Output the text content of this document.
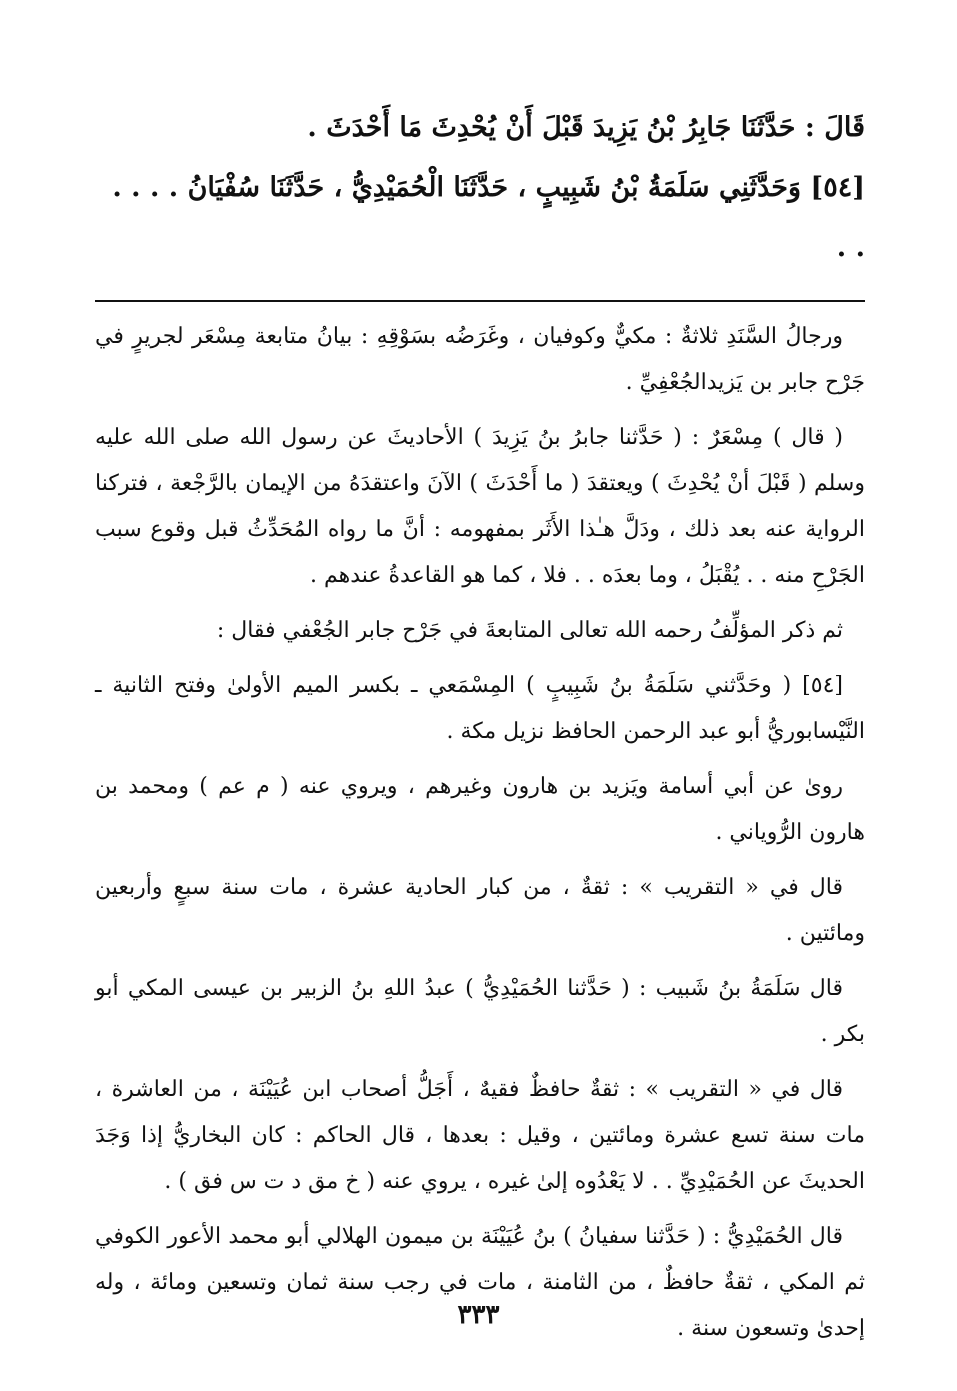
قَالَ : حَدَّثَنَا جَابِرُ بْنُ يَزِيدَ قَبْلَ أَنْ يُحْدِثَ مَا أَحْدَثَ .

[٥٤] وَحَدَّثَنِي سَلَمَةُ بْنُ شَبِيبٍ ، حَدَّثَنَا الْحُمَيْدِيُّ ، حَدَّثَنَا سُفْيَانُ . . . . . .

ورجالُ السَّنَدِ ثلاثةٌ : مكيٌّ وكوفيان ، وغَرَضُه بسَوْقِهِ : بيانُ متابعة مِسْعَر لجريرٍ في جَرْح جابر بن يَزيدالجُعْفِيِّ .

( قال ) مِسْعَرٌ : ( حَدَّثنا جابرُ بنُ يَزِيدَ ) الأحاديثَ عن رسول الله صلى الله عليه وسلم ( قَبْلَ أنْ يُحْدِثَ ) ويعتقدَ ( ما أَحْدَثَ ) الآنَ واعتقدَهُ من الإيمان بالرَّجْعة ، فتركنا الرواية عنه بعد ذلك ، ودَلَّ هـٰذا الأَثَر بمفهومه : أنَّ ما رواه المُحَدِّثُ قبل وقوع سبب الجَرْحِ منه . . يُقْبَلُ ، وما بعدَه . . فلا ، كما هو القاعدةُ عندهم .

ثم ذكر المؤلِّفُ رحمه الله تعالى المتابعةَ في جَرْح جابر الجُعْفي فقال :

[٥٤] ( وحَدَّثني سَلَمَةُ بنُ شَبِيبٍ ) المِسْمَعي ـ بكسر الميم الأولىٰ وفتح الثانية ـ النَّيْسابوريُّ أبو عبد الرحمن الحافظ نزيل مكة .

روىٰ عن أبي أسامة ويَزيد بن هارون وغيرهم ، ويروي عنه ( م عم ) ومحمد بن هارون الرُّوياني .

قال في « التقريب » : ثقةٌ ، من كبار الحادية عشرة ، مات سنة سبعٍ وأربعين ومائتين .

قال سَلَمَةُ بنُ شَبيب : ( حَدَّثنا الحُمَيْدِيُّ ) عبدُ اللهِ بنُ الزبير بن عيسى المكي أبو بكر .

قال في « التقريب » : ثقةٌ حافظٌ فقيهٌ ، أَجَلُّ أصحاب ابن عُيَيْنَة ، من العاشرة ، مات سنة تسع عشرة ومائتين ، وقيل : بعدها ، قال الحاكم : كان البخاريُّ إذا وَجَدَ الحديثَ عن الحُمَيْدِيِّ . . لا يَعْدُوه إلىٰ غيره ، يروي عنه ( خ مق د ت س فق ) .

قال الحُمَيْدِيُّ : ( حَدَّثنا سفيانُ ) بنُ عُيَيْنَة بن ميمون الهلالي أبو محمد الأعور الكوفي ثم المكي ، ثقةٌ حافظٌ ، من الثامنة ، مات في رجب سنة ثمان وتسعين ومائة ، وله إحدىٰ وتسعون سنة .

٣٣٣
